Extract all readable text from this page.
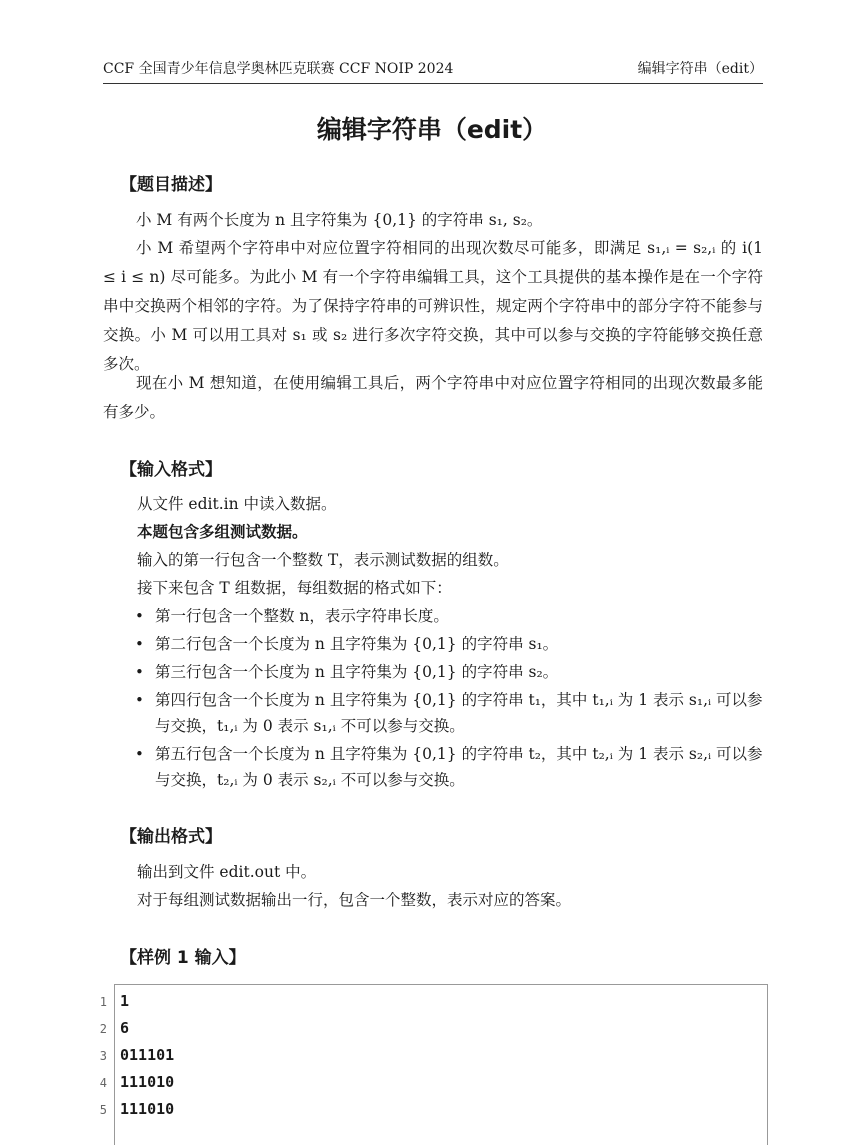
CCF 全国青少年信息学奥林匹克联赛 CCF NOIP 2024	编辑字符串（edit）
编辑字符串（edit）
【题目描述】

小 M 有两个长度为 n 且字符集为 {0,1} 的字符串 s₁, s₂。

小 M 希望两个字符串中对应位置字符相同的出现次数尽可能多，即满足 s₁,ᵢ = s₂,ᵢ 的 i(1 ≤ i ≤ n) 尽可能多。为此小 M 有一个字符串编辑工具，这个工具提供的基本操作是在一个字符串中交换两个相邻的字符。为了保持字符串的可辨识性，规定两个字符串中的部分字符不能参与交换。小 M 可以用工具对 s₁ 或 s₂ 进行多次字符交换，其中可以参与交换的字符能够交换任意多次。

现在小 M 想知道，在使用编辑工具后，两个字符串中对应位置字符相同的出现次数最多能有多少。

【输入格式】
从文件 edit.in 中读入数据。
本题包含多组测试数据。
输入的第一行包含一个整数 T，表示测试数据的组数。
接下来包含 T 组数据，每组数据的格式如下：
• 第一行包含一个整数 n，表示字符串长度。
• 第二行包含一个长度为 n 且字符集为 {0,1} 的字符串 s₁。
• 第三行包含一个长度为 n 且字符集为 {0,1} 的字符串 s₂。
• 第四行包含一个长度为 n 且字符集为 {0,1} 的字符串 t₁，其中 t₁,ᵢ 为 1 表示 s₁,ᵢ 可以参与交换，t₁,ᵢ 为 0 表示 s₁,ᵢ 不可以参与交换。
• 第五行包含一个长度为 n 且字符集为 {0,1} 的字符串 t₂，其中 t₂,ᵢ 为 1 表示 s₂,ᵢ 可以参与交换，t₂,ᵢ 为 0 表示 s₂,ᵢ 不可以参与交换。
【输出格式】
输出到文件 edit.out 中。
对于每组测试数据输出一行，包含一个整数，表示对应的答案。
【样例 1 输入】
1 1
2 6
3 011101
4 111010
5 111010
